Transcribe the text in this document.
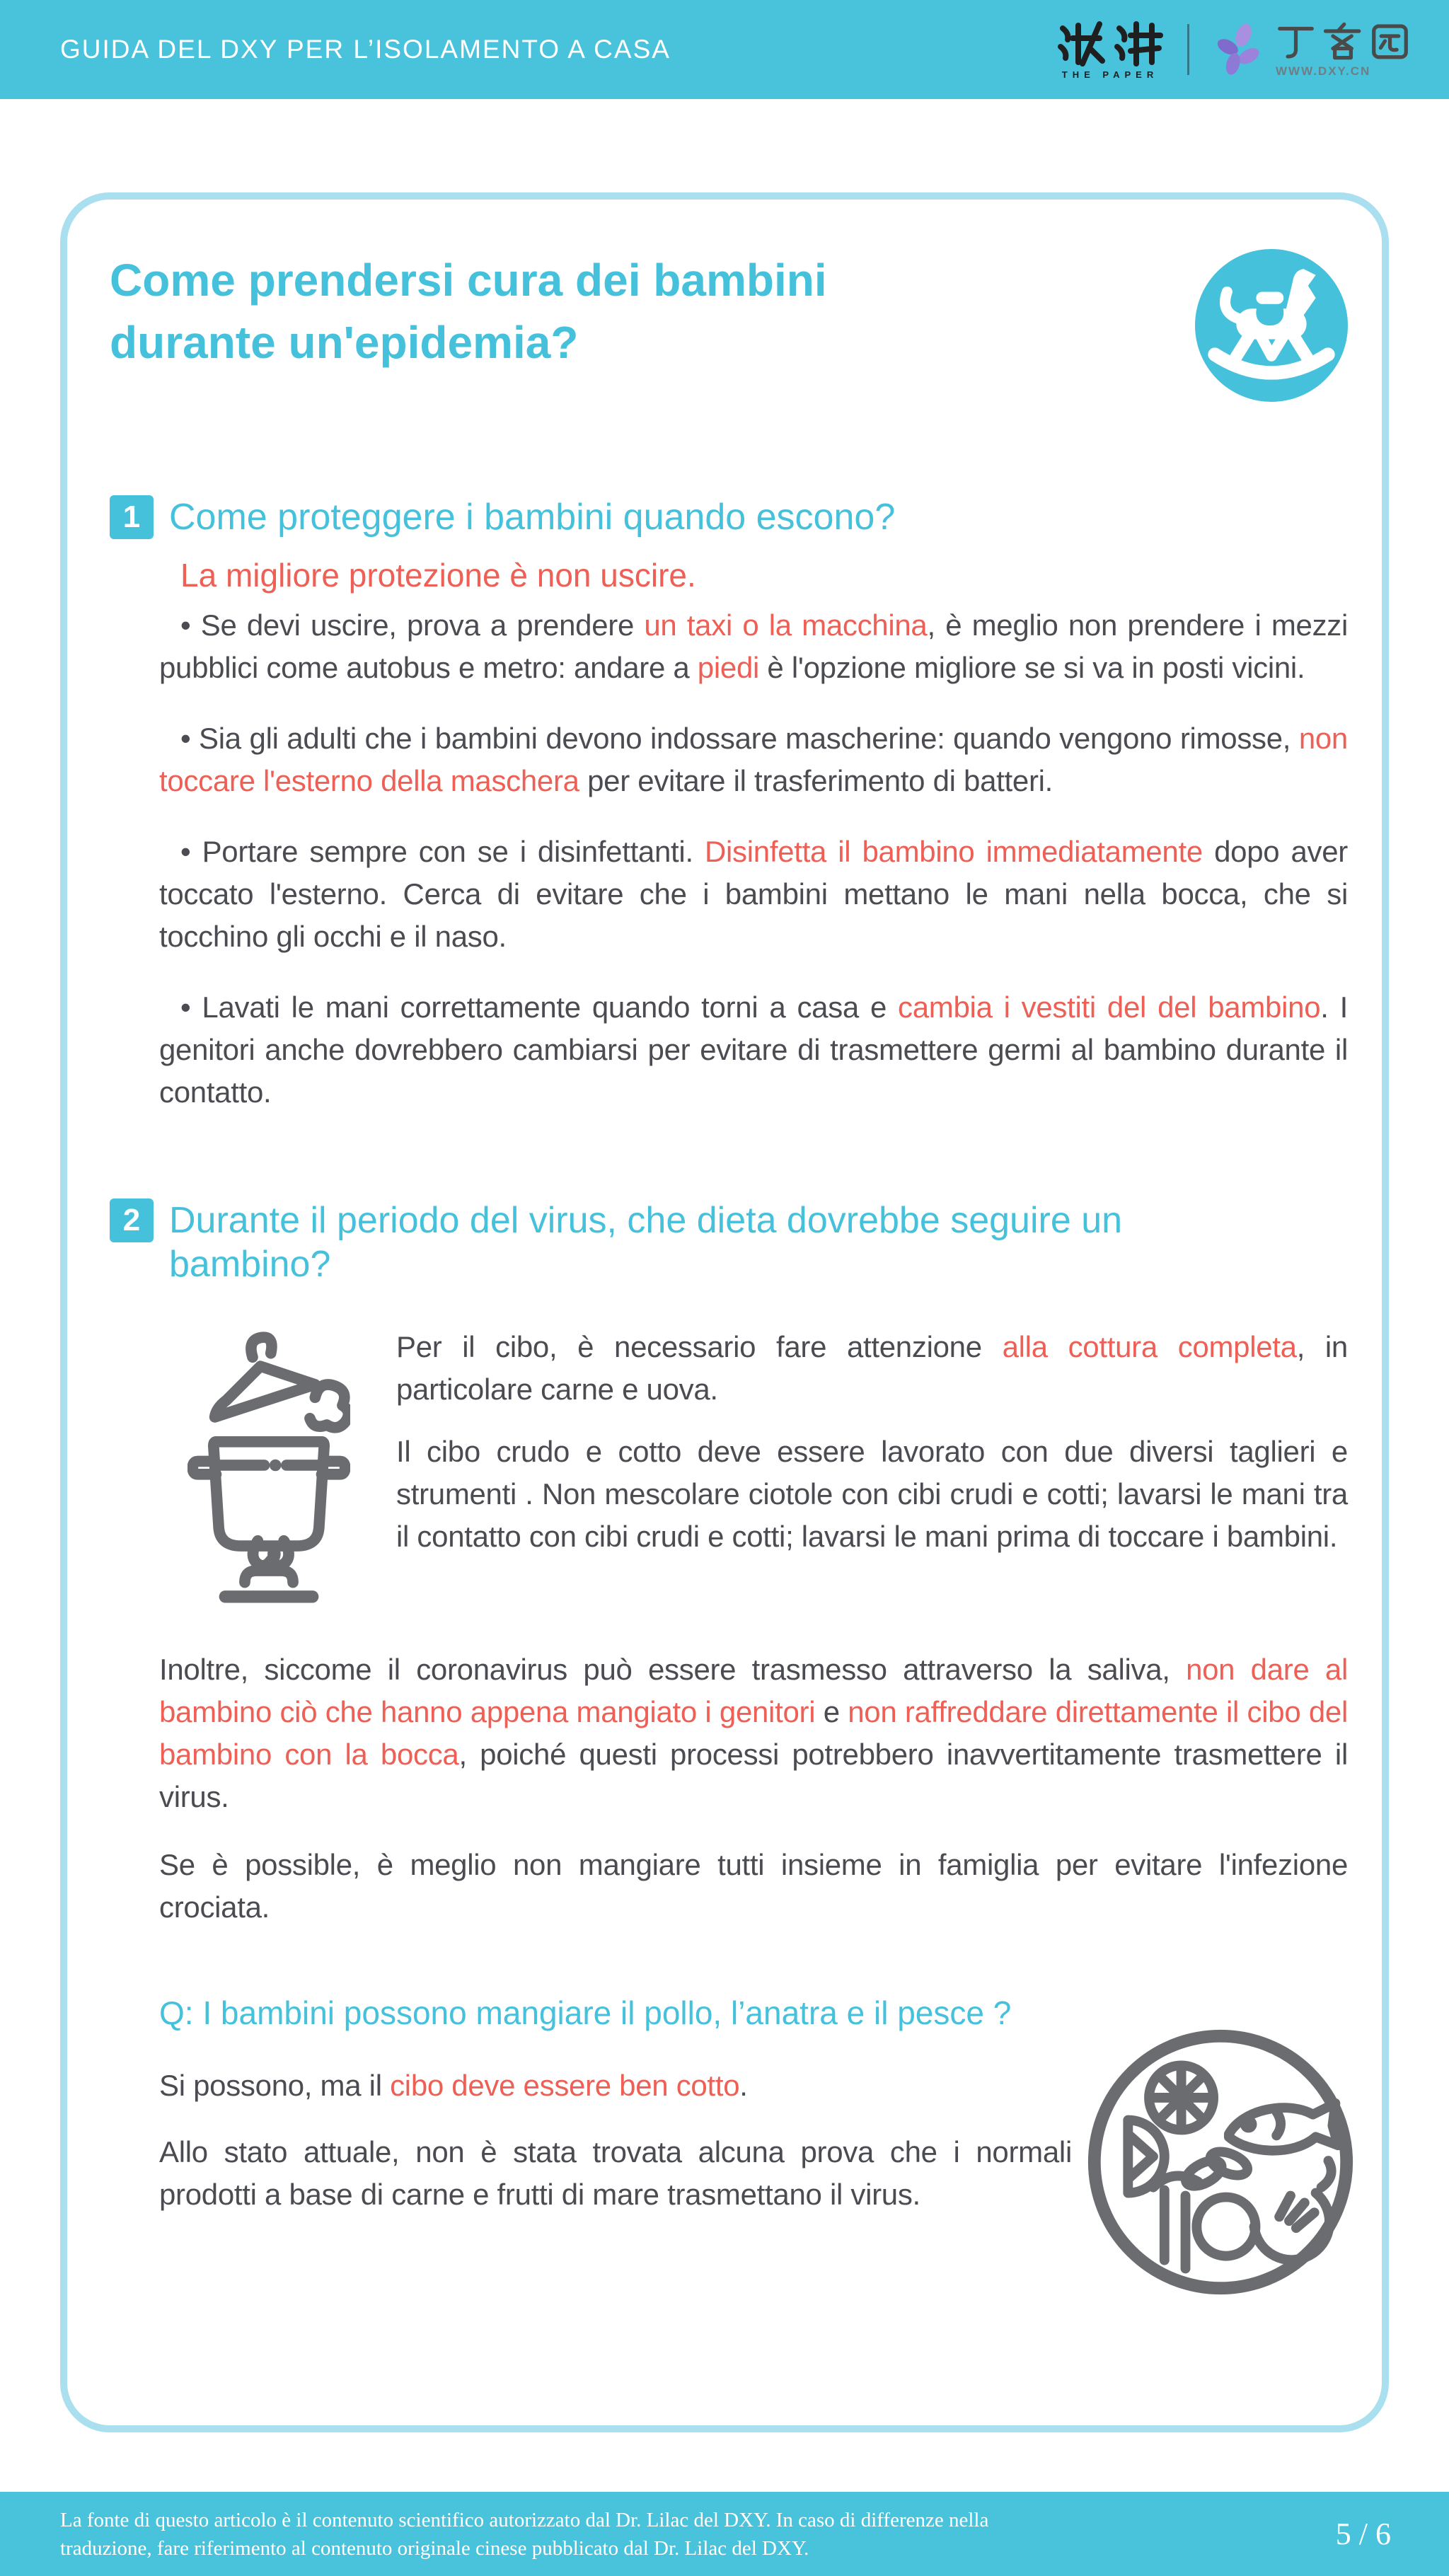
GUIDA DEL DXY PER L’ISOLAMENTO A CASA
THE PAPER	WWW.DXY.CN
Come prendersi cura dei bambini
durante un'epidemia?
1 Come proteggere i bambini quando escono?

La migliore protezione è non uscire.

• Se devi uscire, prova a prendere un taxi o la macchina, è meglio non prendere i mezzi pubblici come autobus e metro: andare a piedi è l'opzione migliore se si va in posti vicini.

• Sia gli adulti che i bambini devono indossare mascherine: quando vengono rimosse, non toccare l'esterno della maschera per evitare il trasferimento di batteri.

• Portare sempre con se i disinfettanti. Disinfetta il bambino immediatamente dopo aver toccato l'esterno. Cerca di evitare che i bambini mettano le mani nella bocca, che si tocchino gli occhi e il naso.

• Lavati le mani correttamente quando torni a casa e cambia i vestiti del del bambino. I genitori anche dovrebbero cambiarsi per evitare di trasmettere germi al bambino durante il contatto.

2 Durante il periodo del virus, che dieta dovrebbe seguire un bambino?

Per il cibo, è necessario fare attenzione alla cottura completa, in particolare carne e uova.

Il cibo crudo e cotto deve essere lavorato con due diversi taglieri e strumenti . Non mescolare ciotole con cibi crudi e cotti; lavarsi le mani tra il contatto con cibi crudi e cotti; lavarsi le mani prima di toccare i bambini.

Inoltre, siccome il coronavirus può essere trasmesso attraverso la saliva, non dare al bambino ciò che hanno appena mangiato i genitori e non raffreddare direttamente il cibo del bambino con la bocca, poiché questi processi potrebbero inavvertitamente trasmettere il virus.

Se è possible, è meglio non mangiare tutti insieme in famiglia per evitare l'infezione crociata.

Q: I bambini possono mangiare il pollo, l’anatra e il pesce ?

Si possono, ma il cibo deve essere ben cotto.

Allo stato attuale, non è stata trovata alcuna prova che i normali prodotti a base di carne e frutti di mare trasmettano il virus.

La fonte di questo articolo è il contenuto scientifico autorizzato dal Dr. Lilac del DXY. In caso di differenze nella
traduzione, fare riferimento al contenuto originale cinese pubblicato dal Dr. Lilac del DXY.	5 / 6
